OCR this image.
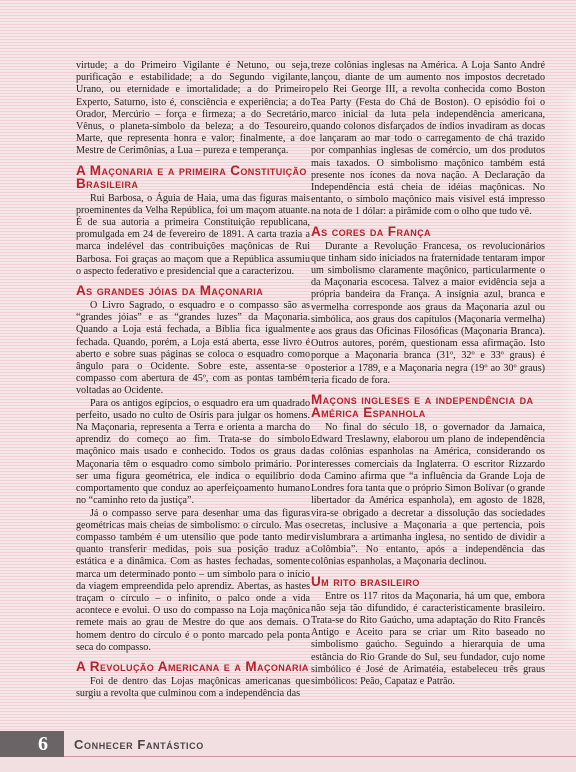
virtude; a do Primeiro Vigilante é Netuno, ou seja, purificação e estabilidade; a do Segundo vigilante, Urano, ou eternidade e imortalidade; a do Primeiro Experto, Saturno, isto é, consciência e experiência; a do Orador, Mercúrio – força e firmeza; a do Secretário, Vênus, o planeta-símbolo da beleza; a do Tesoureiro, Marte, que representa honra e valor; finalmente, a do Mestre de Cerimônias, a Lua – pureza e temperança.

A Maçonaria e a primeira Constituição Brasileira

Rui Barbosa, o Águia de Haia, uma das figuras mais proeminentes da Velha República, foi um maçom atuante. É de sua autoria a primeira Constituição republicana, promulgada em 24 de fevereiro de 1891. A carta trazia a marca indelével das contribuições maçônicas de Rui Barbosa. Foi graças ao maçom que a República assumiu o aspecto federativo e presidencial que a caracterizou.

As grandes jóias da Maçonaria

O Livro Sagrado, o esquadro e o compasso são as “grandes jóias” e as “grandes luzes” da Maçonaria. Quando a Loja está fechada, a Bíblia fica igualmente fechada. Quando, porém, a Loja está aberta, esse livro é aberto e sobre suas páginas se coloca o esquadro como ângulo para o Ocidente. Sobre este, assenta-se o compasso com abertura de 45º, com as pontas também voltadas ao Ocidente.

Para os antigos egípcios, o esquadro era um quadrado perfeito, usado no culto de Osíris para julgar os homens. Na Maçonaria, representa a Terra e orienta a marcha do aprendiz do começo ao fim. Trata-se do símbolo maçônico mais usado e conhecido. Todos os graus da Maçonaria têm o esquadro como símbolo primário. Por ser uma figura geométrica, ele indica o equilíbrio do comportamento que conduz ao aperfeiçoamento humano no “caminho reto da justiça”.

Já o compasso serve para desenhar uma das figuras geométricas mais cheias de simbolismo: o círculo. Mas o compasso também é um utensílio que pode tanto medir quanto transferir medidas, pois sua posição traduz a estática e a dinâmica. Com as hastes fechadas, somente marca um determinado ponto – um símbolo para o início da viagem empreendida pelo aprendiz. Abertas, as hastes traçam o círculo – o infinito, o palco onde a vida acontece e evolui. O uso do compasso na Loja maçônica remete mais ao grau de Mestre do que aos demais. O homem dentro do círculo é o ponto marcado pela ponta seca do compasso.

A Revolução Americana e a Maçonaria

Foi de dentro das Lojas maçônicas americanas que surgiu a revolta que culminou com a independência das

treze colônias inglesas na América. A Loja Santo André lançou, diante de um aumento nos impostos decretado pelo Rei George III, a revolta conhecida como Boston Tea Party (Festa do Chá de Boston). O episódio foi o marco inicial da luta pela independência americana, quando colonos disfarçados de índios invadiram as docas e lançaram ao mar todo o carregamento de chá trazido por companhias inglesas de comércio, um dos produtos mais taxados. O simbolismo maçônico também está presente nos ícones da nova nação. A Declaração da Independência está cheia de idéias maçônicas. No entanto, o símbolo maçônico mais visível está impresso na nota de 1 dólar: a pirâmide com o olho que tudo vê.

As cores da França

Durante a Revolução Francesa, os revolucionários que tinham sido iniciados na fraternidade tentaram impor um simbolismo claramente maçônico, particularmente o da Maçonaria escocesa. Talvez a maior evidência seja a própria bandeira da França. A insígnia azul, branca e vermelha corresponde aos graus da Maçonaria azul ou simbólica, aos graus dos capítulos (Maçonaria vermelha) e aos graus das Oficinas Filosóficas (Maçonaria Branca). Outros autores, porém, questionam essa afirmação. Isto porque a Maçonaria branca (31º, 32º e 33º graus) é posterior a 1789, e a Maçonaria negra (19º ao 30º graus) teria ficado de fora.

Maçons ingleses e a independência da América Espanhola

No final do século 18, o governador da Jamaica, Edward Treslawny, elaborou um plano de independência das colônias espanholas na América, considerando os interesses comerciais da Inglaterra. O escritor Rizzardo da Camino afirma que “a influência da Grande Loja de Londres fora tanta que o próprio Simon Bolívar (o grande libertador da América espanhola), em agosto de 1828, vira-se obrigado a decretar a dissolução das sociedades secretas, inclusive a Maçonaria a que pertencia, pois vislumbrara a artimanha inglesa, no sentido de dividir a Colômbia”. No entanto, após a independência das colônias espanholas, a Maçonaria declinou.

Um rito brasileiro

Entre os 117 ritos da Maçonaria, há um que, embora não seja tão difundido, é caracteristicamente brasileiro. Trata-se do Rito Gaúcho, uma adaptação do Rito Francês Antigo e Aceito para se criar um Rito baseado no simbolismo gaúcho. Seguindo a hierarquia de uma estância do Rio Grande do Sul, seu fundador, cujo nome simbólico é José de Arimatéia, estabeleceu três graus simbólicos: Peão, Capataz e Patrão.

6 Conhecer Fantástico
